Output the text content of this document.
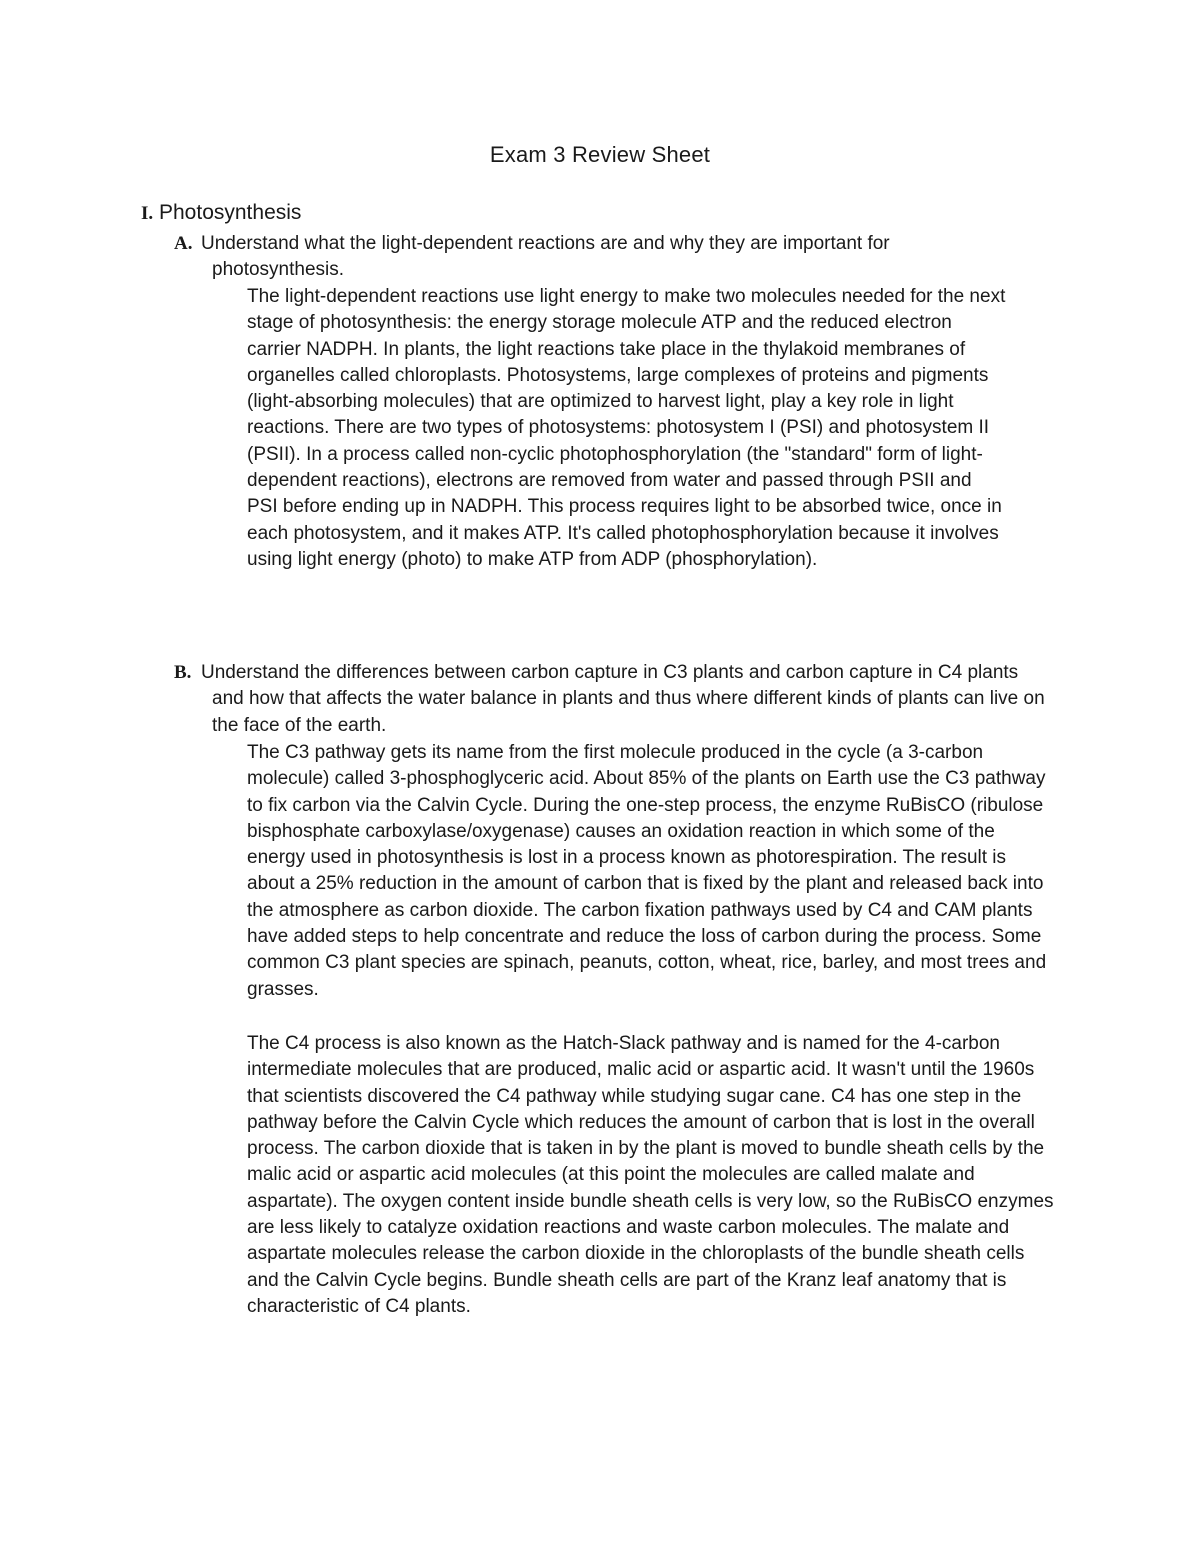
Exam 3 Review Sheet
I. Photosynthesis

A. Understand what the light-dependent reactions are and why they are important for photosynthesis.

The light-dependent reactions use light energy to make two molecules needed for the next stage of photosynthesis: the energy storage molecule ATP and the reduced electron carrier NADPH. In plants, the light reactions take place in the thylakoid membranes of organelles called chloroplasts. Photosystems, large complexes of proteins and pigments (light-absorbing molecules) that are optimized to harvest light, play a key role in light reactions. There are two types of photosystems: photosystem I (PSI) and photosystem II (PSII). In a process called non-cyclic photophosphorylation (the "standard" form of light-dependent reactions), electrons are removed from water and passed through PSII and PSI before ending up in NADPH. This process requires light to be absorbed twice, once in each photosystem, and it makes ATP. It's called photophosphorylation because it involves using light energy (photo) to make ATP from ADP (phosphorylation).

B. Understand the differences between carbon capture in C3 plants and carbon capture in C4 plants and how that affects the water balance in plants and thus where different kinds of plants can live on the face of the earth.

The C3 pathway gets its name from the first molecule produced in the cycle (a 3-carbon molecule) called 3-phosphoglyceric acid. About 85% of the plants on Earth use the C3 pathway to fix carbon via the Calvin Cycle. During the one-step process, the enzyme RuBisCO (ribulose bisphosphate carboxylase/oxygenase) causes an oxidation reaction in which some of the energy used in photosynthesis is lost in a process known as photorespiration. The result is about a 25% reduction in the amount of carbon that is fixed by the plant and released back into the atmosphere as carbon dioxide. The carbon fixation pathways used by C4 and CAM plants have added steps to help concentrate and reduce the loss of carbon during the process. Some common C3 plant species are spinach, peanuts, cotton, wheat, rice, barley, and most trees and grasses.

The C4 process is also known as the Hatch-Slack pathway and is named for the 4-carbon intermediate molecules that are produced, malic acid or aspartic acid. It wasn't until the 1960s that scientists discovered the C4 pathway while studying sugar cane. C4 has one step in the pathway before the Calvin Cycle which reduces the amount of carbon that is lost in the overall process. The carbon dioxide that is taken in by the plant is moved to bundle sheath cells by the malic acid or aspartic acid molecules (at this point the molecules are called malate and aspartate). The oxygen content inside bundle sheath cells is very low, so the RuBisCO enzymes are less likely to catalyze oxidation reactions and waste carbon molecules. The malate and aspartate molecules release the carbon dioxide in the chloroplasts of the bundle sheath cells and the Calvin Cycle begins. Bundle sheath cells are part of the Kranz leaf anatomy that is characteristic of C4 plants.
